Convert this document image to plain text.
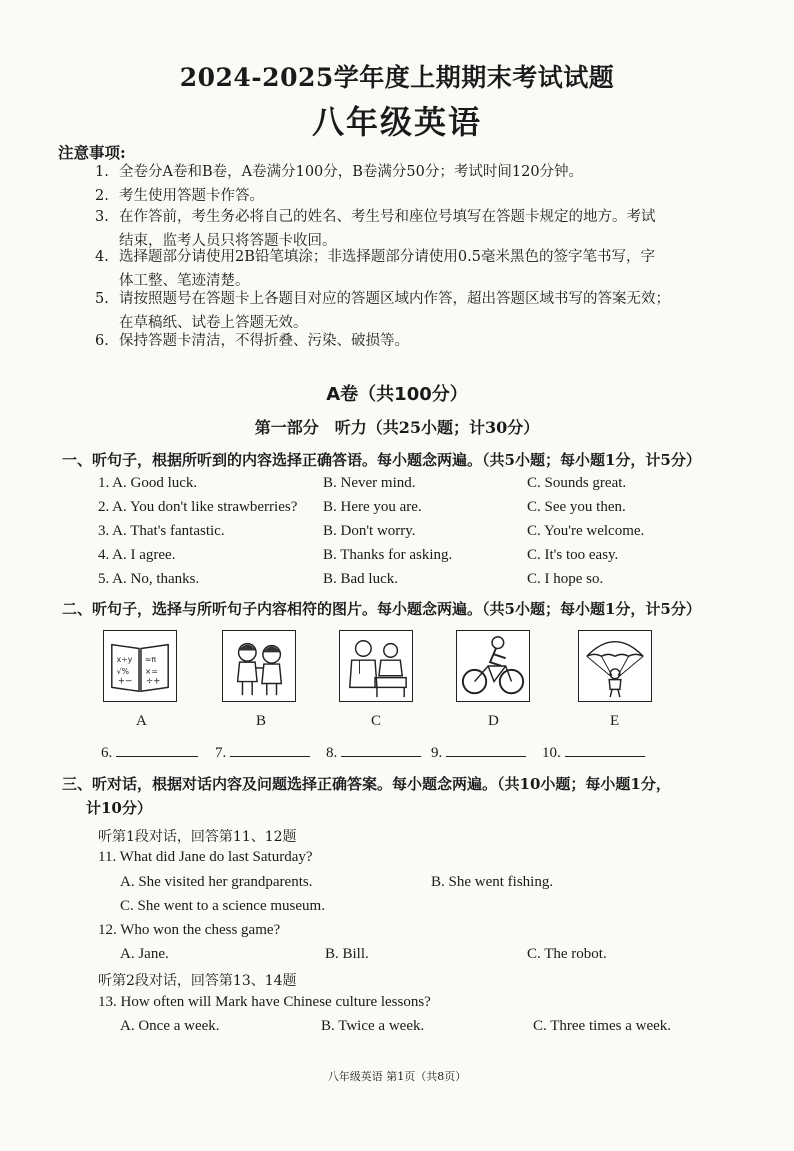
2024-2025学年度上期期末考试试题
八年级英语
注意事项:
1. 全卷分A卷和B卷，A卷满分100分，B卷满分50分；考试时间120分钟。
2. 考生使用答题卡作答。
3. 在作答前，考生务必将自己的姓名、考生号和座位号填写在答题卡规定的地方。考试
结束，监考人员只将答题卡收回。
4. 选择题部分请使用2B铅笔填涂；非选择题部分请使用0.5毫米黑色的签字笔书写，字
体工整、笔迹清楚。
5. 请按照题号在答题卡上各题目对应的答题区域内作答，超出答题区域书写的答案无效；
在草稿纸、试卷上答题无效。
6. 保持答题卡清洁，不得折叠、污染、破损等。
A卷（共100分）
第一部分　听力（共25小题；计30分）
一、听句子，根据所听到的内容选择正确答语。每小题念两遍。（共5小题；每小题1分，计5分）
1. A. Good luck.	B. Never mind.	C. Sounds great.
2. A. You don't like strawberries? B. Here you are.	C. See you then.
3. A. That's fantastic.	B. Don't worry.	C. You're welcome.
4. A. I agree.	B. Thanks for asking.	C. It's too easy.
5. A. No, thanks.	B. Bad luck.	C. I hope so.
二、听句子，选择与所听句子内容相符的图片。每小题念两遍。（共5小题；每小题1分，计5分）
x÷y
√%
+−
≈π
×=
÷+
A	B	C	D	E
6.	7.	8.	9.	10.
三、听对话，根据对话内容及问题选择正确答案。每小题念两遍。（共10小题；每小题1分，
计10分）
听第1段对话，回答第11、12题
11. What did Jane do last Saturday?
A. She visited her grandparents.	B. She went fishing.
C. She went to a science museum.
12. Who won the chess game?
A. Jane.	B. Bill.	C. The robot.
听第2段对话，回答第13、14题
13. How often will Mark have Chinese culture lessons?
A. Once a week.	B. Twice a week.	C. Three times a week.
八年级英语 第1页（共8页）
